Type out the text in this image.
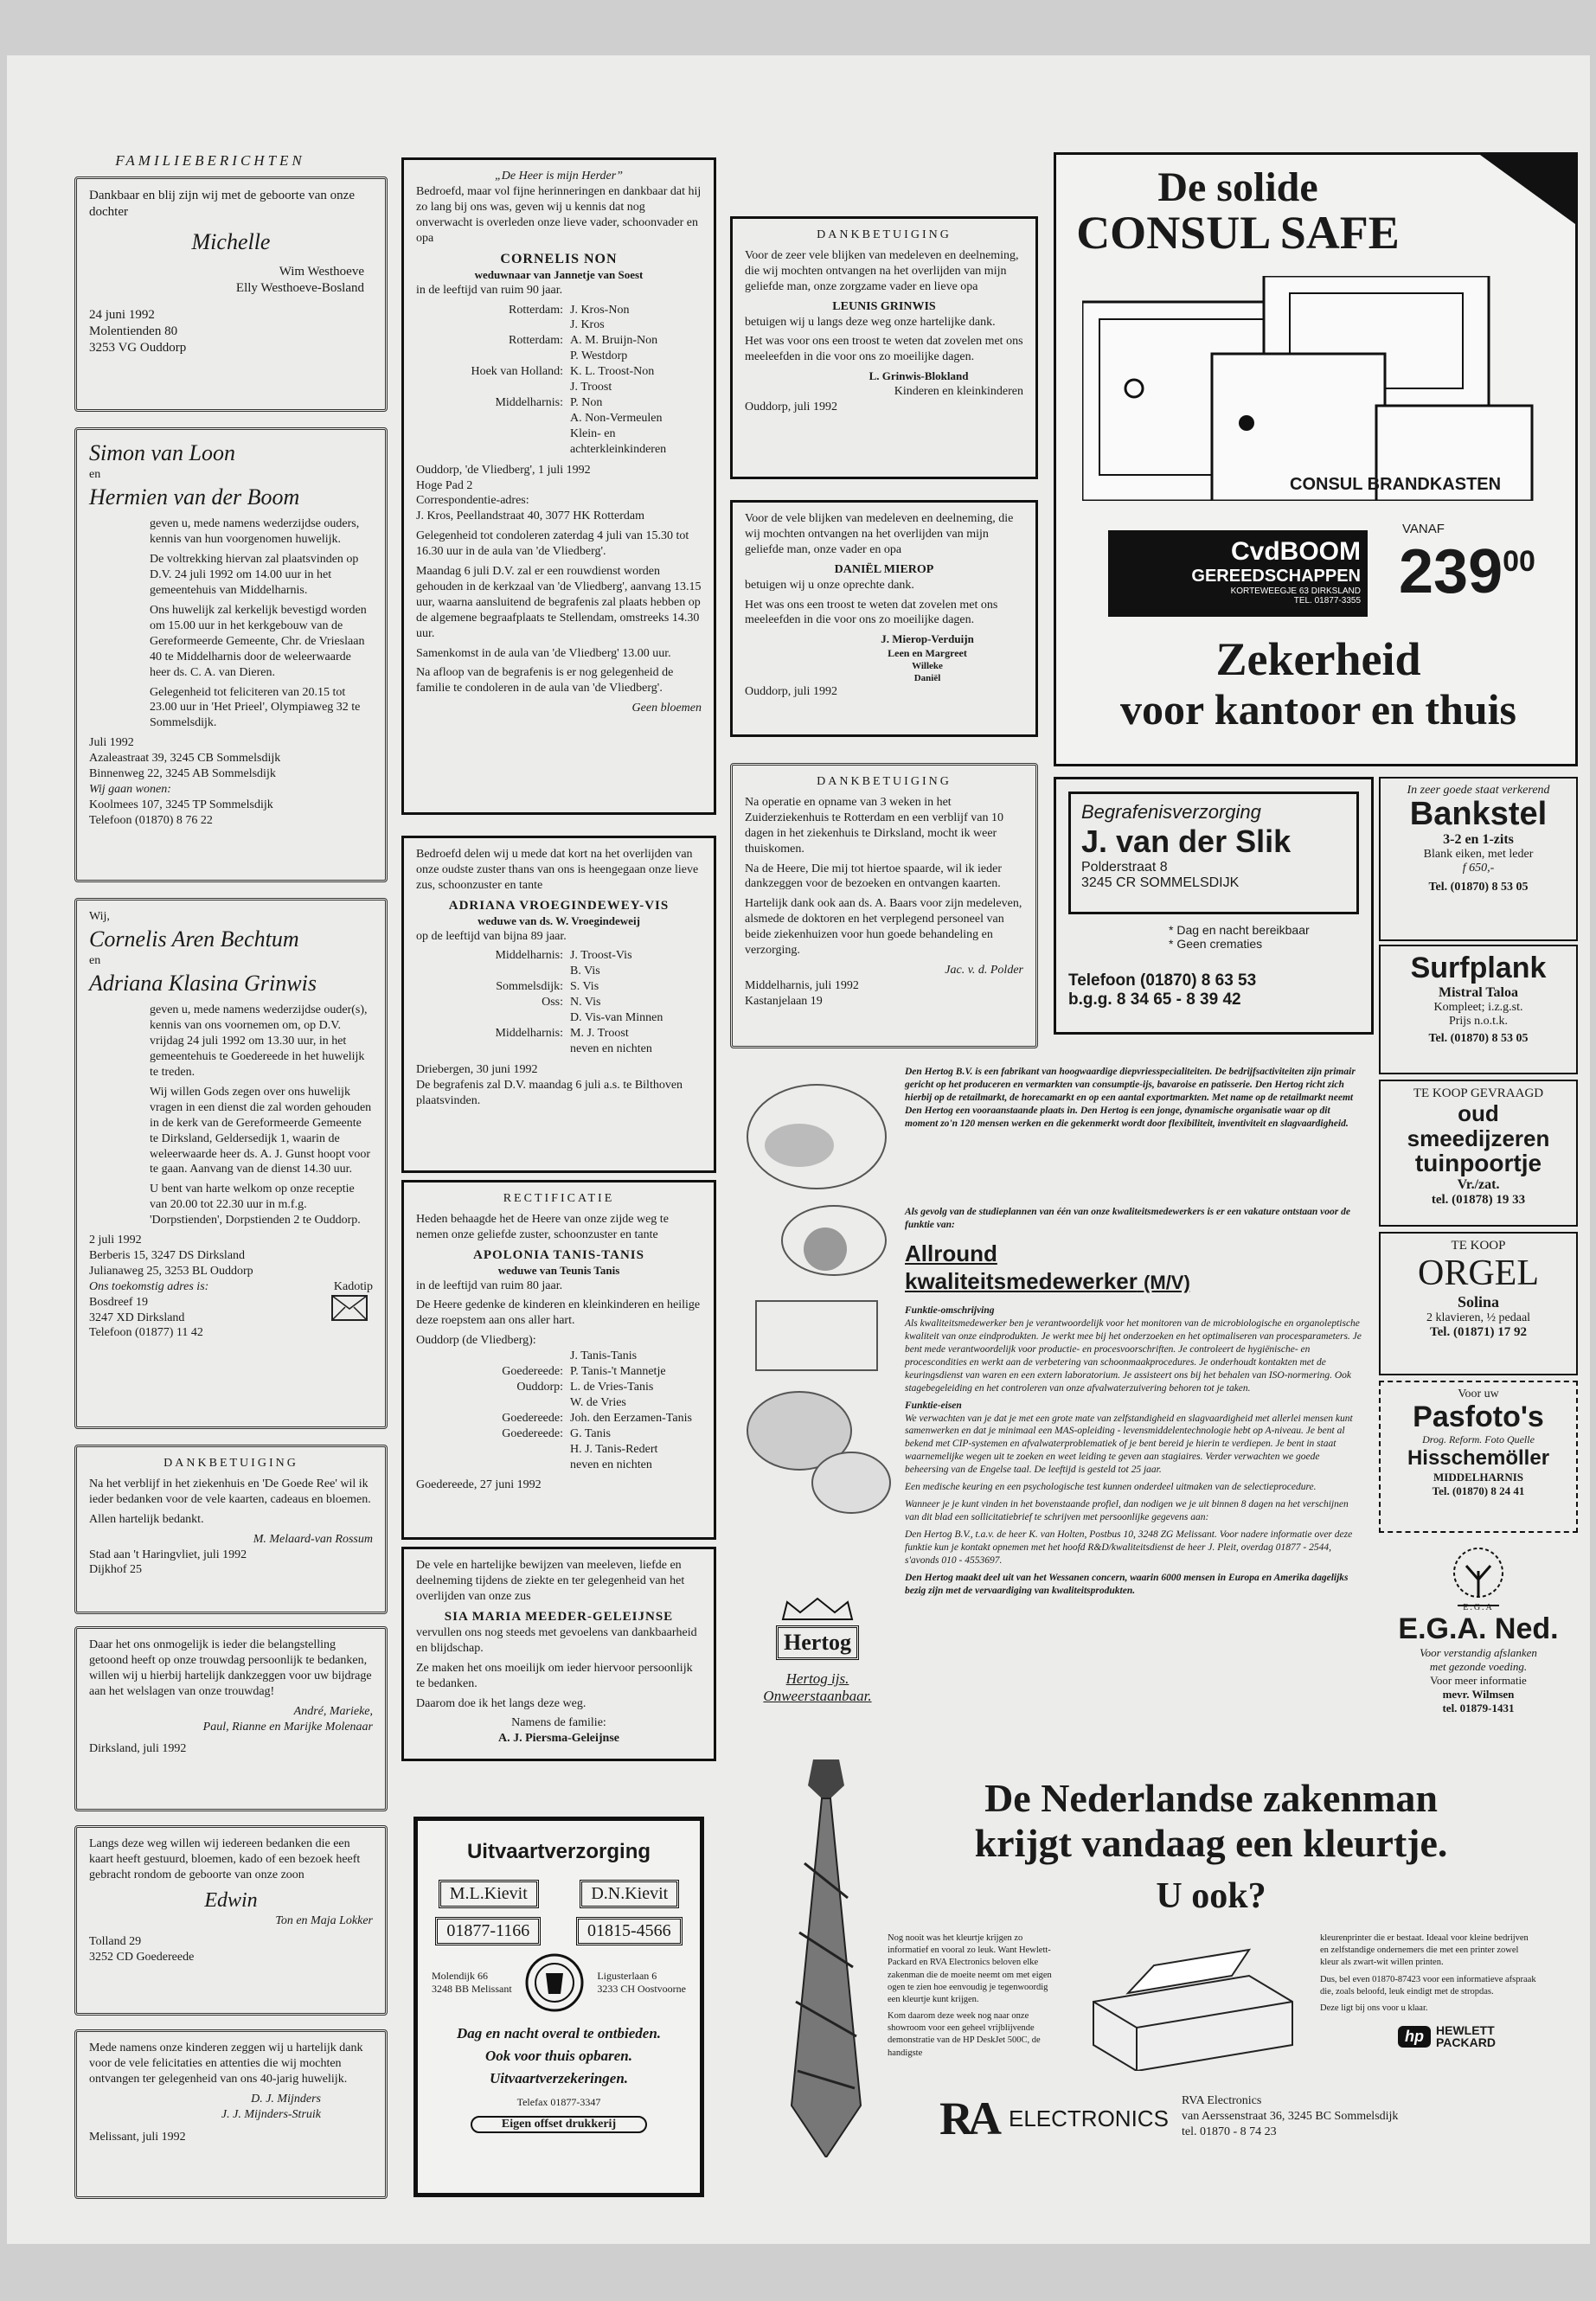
FAMILIEBERICHTEN

Dankbaar en blij zijn wij met de geboorte van onze dochter

Michelle
Wim Westhoeve
Elly Westhoeve-Bosland
24 juni 1992
Molentienden 80
3253 VG Ouddorp
Simon van Loon
en
Hermien van der Boom

geven u, mede namens wederzijdse ouders, kennis van hun voorgenomen huwelijk.

De voltrekking hiervan zal plaatsvinden op D.V. 24 juli 1992 om 14.00 uur in het gemeentehuis van Middelharnis.

Ons huwelijk zal kerkelijk bevestigd worden om 15.00 uur in het kerkgebouw van de Gereformeerde Gemeente, Chr. de Vrieslaan 40 te Middelharnis door de weleerwaarde heer ds. C. A. van Dieren.

Gelegenheid tot feliciteren van 20.15 tot 23.00 uur in 'Het Prieel', Olympiaweg 32 te Sommelsdijk.

Juli 1992
Azaleastraat 39, 3245 CB Sommelsdijk
Binnenweg 22, 3245 AB Sommelsdijk
Wij gaan wonen:
Koolmees 107, 3245 TP Sommelsdijk
Telefoon (01870) 8 76 22
Wij,
Cornelis Aren Bechtum
en
Adriana Klasina Grinwis

geven u, mede namens wederzijdse ouder(s), kennis van ons voornemen om, op D.V. vrijdag 24 juli 1992 om 13.30 uur, in het gemeentehuis te Goedereede in het huwelijk te treden.

Wij willen Gods zegen over ons huwelijk vragen in een dienst die zal worden gehouden in de kerk van de Gereformeerde Gemeente te Dirksland, Geldersedijk 1, waarin de weleerwaarde heer ds. A. J. Gunst hoopt voor te gaan. Aanvang van de dienst 14.30 uur.

U bent van harte welkom op onze receptie van 20.00 tot 22.30 uur in m.f.g. 'Dorpstienden', Dorpstienden 2 te Ouddorp.

2 juli 1992
Berberis 15, 3247 DS Dirksland
Julianaweg 25, 3253 BL Ouddorp
Ons toekomstig adres is:	Kadotip
Bosdreef 19
3247 XD Dirksland
Telefoon (01877) 11 42
DANKBETUIGING

Na het verblijf in het ziekenhuis en 'De Goede Ree' wil ik ieder bedanken voor de vele kaarten, cadeaus en bloemen.

Allen hartelijk bedankt.

M. Melaard-van Rossum
Stad aan 't Haringvliet, juli 1992
Dijkhof 25

Daar het ons onmogelijk is ieder die belangstelling getoond heeft op onze trouwdag persoonlijk te bedanken, willen wij u hierbij hartelijk dankzeggen voor uw bijdrage aan het welslagen van onze trouwdag!

André, Marieke,
Paul, Rianne en Marijke Molenaar
Dirksland, juli 1992

Langs deze weg willen wij iedereen bedanken die een kaart heeft gestuurd, bloemen, kado of een bezoek heeft gebracht rondom de geboorte van onze zoon

Edwin
Ton en Maja Lokker
Tolland 29
3252 CD Goedereede

Mede namens onze kinderen zeggen wij u hartelijk dank voor de vele felicitaties en attenties die wij mochten ontvangen ter gelegenheid van ons 40-jarig huwelijk.

D. J. Mijnders
J. J. Mijnders-Struik
Melissant, juli 1992
„De Heer is mijn Herder”

Bedroefd, maar vol fijne herinneringen en dankbaar dat hij zo lang bij ons was, geven wij u kennis dat nog onverwacht is overleden onze lieve vader, schoonvader en opa

CORNELIS NON
weduwnaar van Jannetje van Soest

in de leeftijd van ruim 90 jaar.

Rotterdam: J. Kros-Non
J. Kros
Rotterdam: A. M. Bruijn-Non
P. Westdorp
Hoek van Holland: K. L. Troost-Non
J. Troost
Middelharnis: P. Non
A. Non-Vermeulen
Klein- en
achterkleinkinderen
Ouddorp, 'de Vliedberg', 1 juli 1992
Hoge Pad 2
Correspondentie-adres:

J. Kros, Peellandstraat 40, 3077 HK Rotterdam

Gelegenheid tot condoleren zaterdag 4 juli van 15.30 tot 16.30 uur in de aula van 'de Vliedberg'.

Maandag 6 juli D.V. zal er een rouwdienst worden gehouden in de kerkzaal van 'de Vliedberg', aanvang 13.15 uur, waarna aansluitend de begrafenis zal plaats hebben op de algemene begraafplaats te Stellendam, omstreeks 14.30 uur.

Samenkomst in de aula van 'de Vliedberg' 13.00 uur.

Na afloop van de begrafenis is er nog gelegenheid de familie te condoleren in de aula van 'de Vliedberg'.

Geen bloemen

Bedroefd delen wij u mede dat kort na het overlijden van onze oudste zuster thans van ons is heengegaan onze lieve zus, schoonzuster en tante

ADRIANA VROEGINDEWEY-VIS
weduwe van ds. W. Vroegindeweij

op de leeftijd van bijna 89 jaar.

Middelharnis: J. Troost-Vis
B. Vis
Sommelsdijk: S. Vis
Oss: N. Vis
D. Vis-van Minnen
Middelharnis: M. J. Troost
neven en nichten
Driebergen, 30 juni 1992

De begrafenis zal D.V. maandag 6 juli a.s. te Bilthoven plaatsvinden.

RECTIFICATIE

Heden behaagde het de Heere van onze zijde weg te nemen onze geliefde zuster, schoonzuster en tante

APOLONIA TANIS-TANIS
weduwe van Teunis Tanis

in de leeftijd van ruim 80 jaar.

De Heere gedenke de kinderen en kleinkinderen en heilige deze roepstem aan ons aller hart.

Ouddorp (de Vliedberg):
J. Tanis-Tanis
Goedereede: P. Tanis-'t Mannetje
Ouddorp: L. de Vries-Tanis
W. de Vries
Goedereede: Joh. den Eerzamen-Tanis
Goedereede: G. Tanis
H. J. Tanis-Redert
neven en nichten
Goedereede, 27 juni 1992

De vele en hartelijke bewijzen van meeleven, liefde en deelneming tijdens de ziekte en ter gelegenheid van het overlijden van onze zus

SIA MARIA MEEDER-GELEIJNSE

vervullen ons nog steeds met gevoelens van dankbaarheid en blijdschap.

Ze maken het ons moeilijk om ieder hiervoor persoonlijk te bedanken.

Daarom doe ik het langs deze weg.

Namens de familie:
A. J. Piersma-Geleijnse
Uitvaartverzorging
M.L.Kievit	D.N.Kievit
01877-1166	01815-4566
Molendijk 66
3248 BB Melissant
Ligusterlaan 6
3233 CH Oostvoorne
Dag en nacht overal te ontbieden.
Ook voor thuis opbaren.
Uitvaartverzekeringen.
Telefax 01877-3347
Eigen offset drukkerij
DANKBETUIGING

Voor de zeer vele blijken van medeleven en deelneming, die wij mochten ontvangen na het overlijden van mijn geliefde man, onze zorgzame vader en lieve opa

LEUNIS GRINWIS

betuigen wij u langs deze weg onze hartelijke dank.

Het was voor ons een troost te weten dat zovelen met ons meeleefden in die voor ons zo moeilijke dagen.

L. Grinwis-Blokland
Kinderen en kleinkinderen
Ouddorp, juli 1992

Voor de vele blijken van medeleven en deelneming, die wij mochten ontvangen na het overlijden van mijn geliefde man, onze vader en opa

DANIËL MIEROP

betuigen wij u onze oprechte dank.

Het was ons een troost te weten dat zovelen met ons meeleefden in die voor ons zo moeilijke dagen.

J. Mierop-Verduijn
Leen en Margreet
Willeke
Daniël
Ouddorp, juli 1992
DANKBETUIGING

Na operatie en opname van 3 weken in het Zuiderziekenhuis te Rotterdam en een verblijf van 10 dagen in het ziekenhuis te Dirksland, mocht ik weer thuiskomen.

Na de Heere, Die mij tot hiertoe spaarde, wil ik ieder dankzeggen voor de bezoeken en ontvangen kaarten.

Hartelijk dank ook aan ds. A. Baars voor zijn medeleven, alsmede de doktoren en het verplegend personeel van beide ziekenhuizen voor hun goede behandeling en verzorging.

Jac. v. d. Polder
Middelharnis, juli 1992
Kastanjelaan 19
De solide
CONSUL SAFE
CONSUL BRANDKASTEN
CvdBOOM
GEREEDSCHAPPEN
KORTEWEEGJE 63 DIRKSLAND
TEL. 01877-3355
VANAF
$239^{00}$
Zekerheid
voor kantoor en thuis
Begrafenisverzorging
J. van der Slik
Polderstraat 8
3245 CR SOMMELSDIJK
* Dag en nacht bereikbaar
* Geen crematies
Telefoon (01870) 8 63 53
b.g.g. 8 34 65 - 8 39 42
In zeer goede staat verkerend
Bankstel
3-2 en 1-zits
Blank eiken, met leder
f 650,-
Tel. (01870) 8 53 05
Surfplank
Mistral Taloa
Kompleet; i.z.g.st.
Prijs n.o.t.k.
Tel. (01870) 8 53 05
TE KOOP GEVRAAGD
oud smeedijzeren
tuinpoortje
Vr./zat.
tel. (01878) 19 33
TE KOOP
ORGEL
Solina
2 klavieren, ½ pedaal
Tel. (01871) 17 92
Voor uw
Pasfoto's
Drog. Reform. Foto Quelle
Hisschemöller
MIDDELHARNIS
Tel. (01870) 8 24 41
E.G.A
E.G.A. Ned.
Voor verstandig afslanken
met gezonde voeding.
Voor meer informatie
mevr. Wilmsen
tel. 01879-1431
Den Hertog B.V. is een fabrikant van hoogwaardige diepvriesspecialiteiten. De bedrijfsactiviteiten zijn primair gericht op het produceren en vermarkten van consumptie-ijs, bavaroise en patisserie. Den Hertog richt zich hierbij op de retailmarkt, de horecamarkt en op een aantal exportmarkten. Met name op de retailmarkt neemt Den Hertog een vooraanstaande plaats in. Den Hertog is een jonge, dynamische organisatie waar op dit moment zo'n 120 mensen werken en die gekenmerkt wordt door flexibiliteit, inventiviteit en slagvaardigheid.
Als gevolg van de studieplannen van één van onze kwaliteitsmedewerkers is er een vakature ontstaan voor de funktie van:
Allround
kwaliteitsmedewerker (M/V)
Funktie-omschrijving

Als kwaliteitsmedewerker ben je verantwoordelijk voor het monitoren van de microbiologische en organoleptische kwaliteit van onze eindprodukten. Je werkt mee bij het onderzoeken en het optimaliseren van procesparameters. Je bent mede verantwoordelijk voor productie- en procesvoorschriften. Je controleert de hygiënische- en procescondities en werkt aan de verbetering van schoonmaakprocedures. Je onderhoudt kontakten met de keuringsdienst van waren en een extern laboratorium. Je assisteert ons bij het behalen van ISO-normering. Ook stagebegeleiding en het controleren van onze afvalwaterzuivering behoren tot je taken.

Funktie-eisen

We verwachten van je dat je met een grote mate van zelfstandigheid en slagvaardigheid met allerlei mensen kunt samenwerken en dat je minimaal een MAS-opleiding - levensmiddelentechnologie hebt op A-niveau. Je bent al bekend met CIP-systemen en afvalwaterproblematiek of je bent bereid je hierin te verdiepen. Je bent in staat waarnemelijke wegen uit te zoeken en weet leiding te geven aan stagiaires. Verder verwachten we goede beheersing van de Engelse taal. De leeftijd is gesteld tot 25 jaar.

Een medische keuring en een psychologische test kunnen onderdeel uitmaken van de selectieprocedure.

Wanneer je je kunt vinden in het bovenstaande profiel, dan nodigen we je uit binnen 8 dagen na het verschijnen van dit blad een sollicitatiebrief te schrijven met persoonlijke gegevens aan:

Den Hertog B.V., t.a.v. de heer K. van Holten, Postbus 10, 3248 ZG Melissant. Voor nadere informatie over deze funktie kun je kontakt opnemen met het hoofd R&D/kwaliteitsdienst de heer J. Pleit, overdag 01877 - 2544, s'avonds 010 - 4553697.

Den Hertog maakt deel uit van het Wessanen concern, waarin 6000 mensen in Europa en Amerika dagelijks bezig zijn met de vervaardiging van kwaliteitsprodukten.

Hertog
Hertog ijs.
Onweerstaanbaar.
De Nederlandse zakenman
krijgt vandaag een kleurtje.
U ook?

Nog nooit was het kleurtje krijgen zo informatief en vooral zo leuk. Want Hewlett-Packard en RVA Electronics beloven elke zakenman die de moeite neemt om met eigen ogen te zien hoe eenvoudig je tegenwoordig een kleurtje kunt krijgen.

Kom daarom deze week nog naar onze showroom voor een geheel vrijblijvende demonstratie van de HP DeskJet 500C, de handigste

kleurenprinter die er bestaat. Ideaal voor kleine bedrijven en zelfstandige ondernemers die met een printer zowel kleur als zwart-wit willen printen.

Dus, bel even 01870-87423 voor een informatieve afspraak die, zoals beloofd, leuk eindigt met de stropdas.

Deze ligt bij ons voor u klaar.

hp	HEWLETT
PACKARD
RA ELECTRONICS
RVA Electronics
van Aerssenstraat 36, 3245 BC Sommelsdijk
tel. 01870 - 8 74 23
